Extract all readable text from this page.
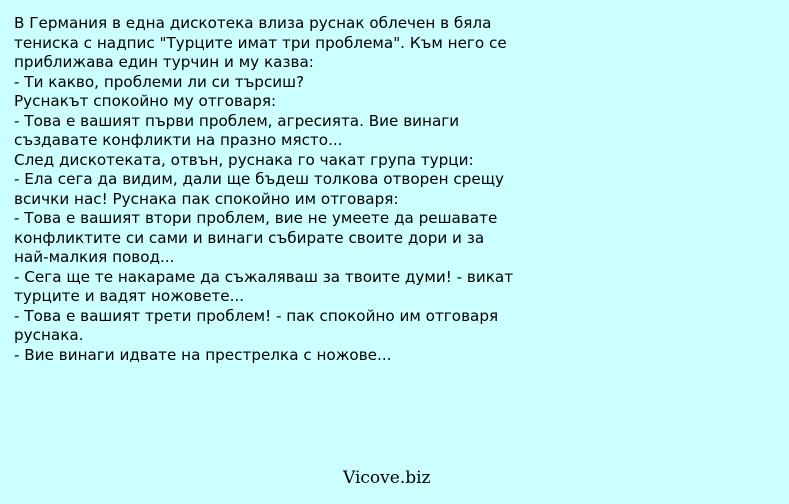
В Германия в една дискотека влиза руснак облечен в бяла
тениска с надпис "Турците имат три проблема". Към него се
приближава един турчин и му казва:
- Ти какво, проблеми ли си търсиш?
Руснакът спокойно му отговаря:
- Това е вашият първи проблем, агресията. Вие винаги
създавате конфликти на празно място...
След дискотеката, отвън, руснака го чакат група турци:
- Ела сега да видим, дали ще бъдеш толкова отворен срещу
всички нас! Руснака пак спокойно им отговаря:
- Това е вашият втори проблем, вие не умеете да решавате
конфликтите си сами и винаги събирате своите дори и за
най-малкия повод...
- Сега ще те накараме да съжаляваш за твоите думи! - викат
турците и вадят ножовете...
- Това е вашият трети проблем! - пак спокойно им отговаря
руснака.
- Вие винаги идвате на престрелка с ножове...
Vicove.biz
